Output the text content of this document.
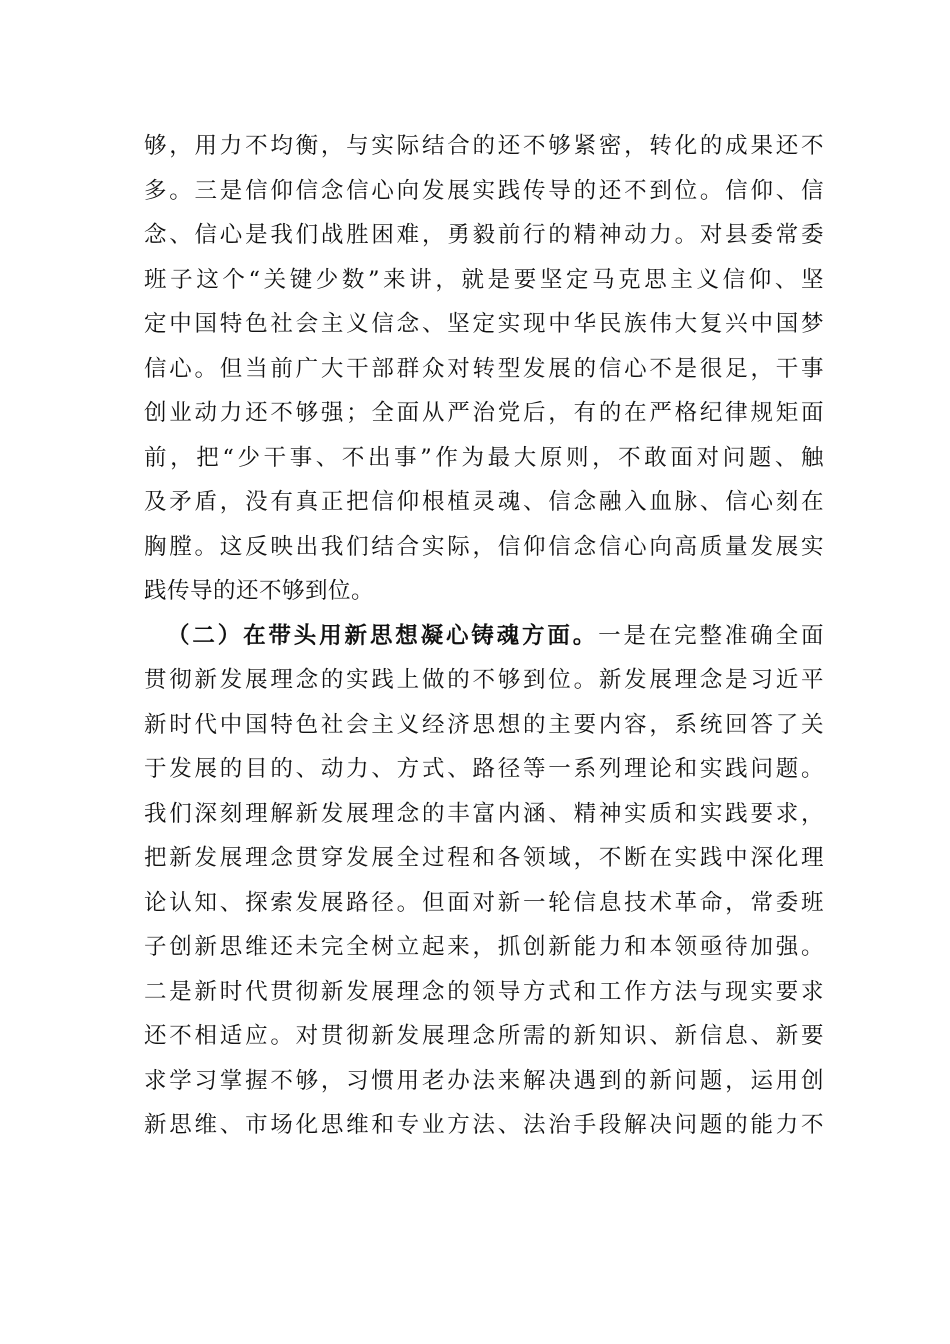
够，用力不均衡，与实际结合的还不够紧密，转化的成果还不
多。三是信仰信念信心向发展实践传导的还不到位。信仰、信
念、信心是我们战胜困难，勇毅前行的精神动力。对县委常委
班子这个“关键少数”来讲，就是要坚定马克思主义信仰、坚
定中国特色社会主义信念、坚定实现中华民族伟大复兴中国梦
信心。但当前广大干部群众对转型发展的信心不是很足，干事
创业动力还不够强；全面从严治党后，有的在严格纪律规矩面
前，把“少干事、不出事”作为最大原则，不敢面对问题、触
及矛盾，没有真正把信仰根植灵魂、信念融入血脉、信心刻在
胸膛。这反映出我们结合实际，信仰信念信心向高质量发展实
践传导的还不够到位。
（二）在带头用新思想凝心铸魂方面。一是在完整准确全面
贯彻新发展理念的实践上做的不够到位。新发展理念是习近平
新时代中国特色社会主义经济思想的主要内容，系统回答了关
于发展的目的、动力、方式、路径等一系列理论和实践问题。
我们深刻理解新发展理念的丰富内涵、精神实质和实践要求，
把新发展理念贯穿发展全过程和各领域，不断在实践中深化理
论认知、探索发展路径。但面对新一轮信息技术革命，常委班
子创新思维还未完全树立起来，抓创新能力和本领亟待加强。
二是新时代贯彻新发展理念的领导方式和工作方法与现实要求
还不相适应。对贯彻新发展理念所需的新知识、新信息、新要
求学习掌握不够，习惯用老办法来解决遇到的新问题，运用创
新思维、市场化思维和专业方法、法治手段解决问题的能力不
